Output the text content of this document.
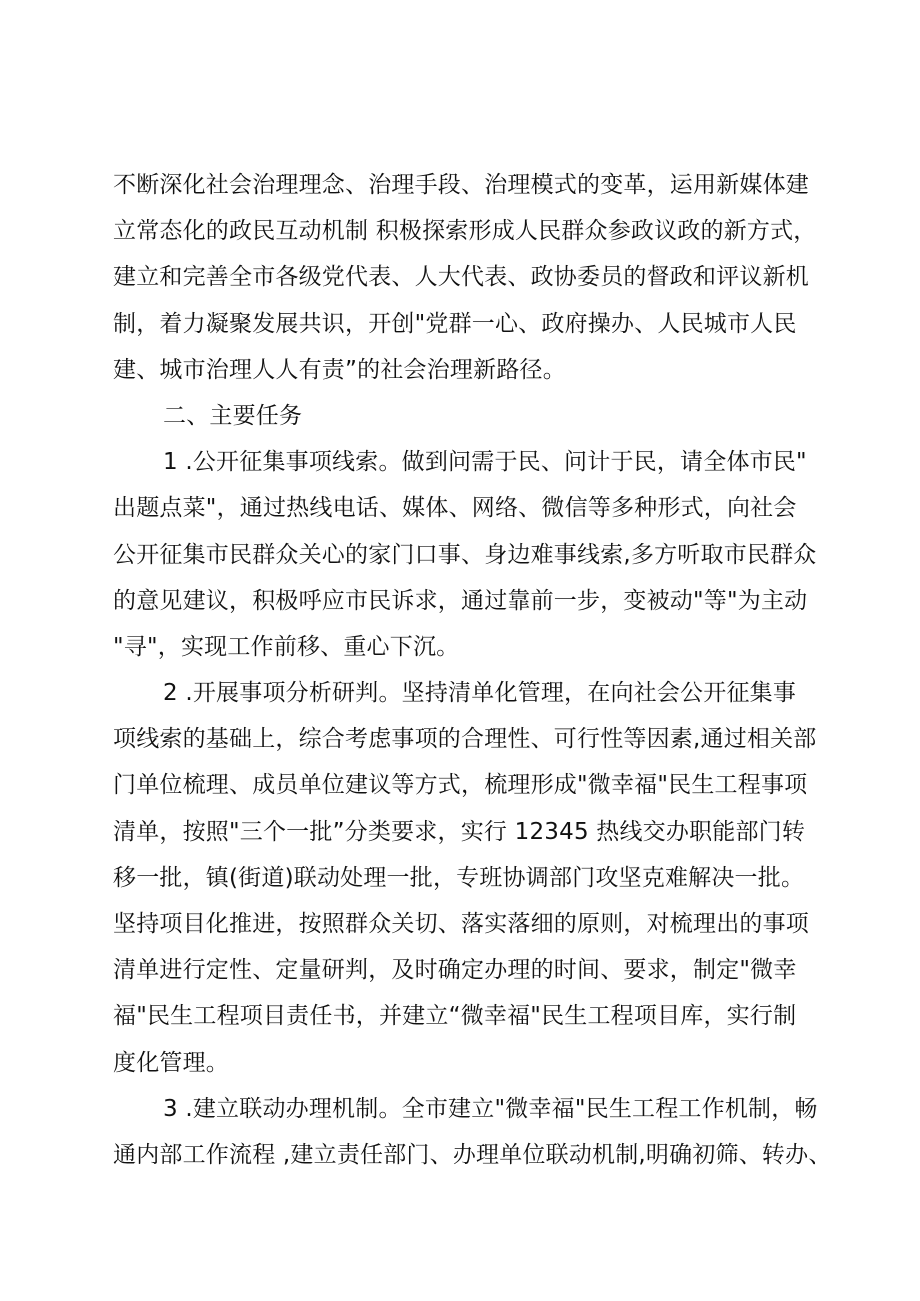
不断深化社会治理理念、治理手段、治理模式的变革，运用新媒体建
立常态化的政民互动机制 积极探索形成人民群众参政议政的新方式，
建立和完善全市各级党代表、人大代表、政协委员的督政和评议新机
制，着力凝聚发展共识，开创"党群一心、政府操办、人民城市人民
建、城市治理人人有责”的社会治理新路径。
二、主要任务
1 .公开征集事项线索。做到问需于民、问计于民，请全体市民"
出题点菜"，通过热线电话、媒体、网络、微信等多种形式，向社会
公开征集市民群众关心的家门口事、身边难事线索,多方听取市民群众
的意见建议，积极呼应市民诉求，通过靠前一步，变被动"等"为主动
"寻"，实现工作前移、重心下沉。
2 .开展事项分析研判。坚持清单化管理，在向社会公开征集事
项线索的基础上，综合考虑事项的合理性、可行性等因素,通过相关部
门单位梳理、成员单位建议等方式，梳理形成"微幸福"民生工程事项
清单，按照"三个一批”分类要求，实行 12345 热线交办职能部门转
移一批，镇(街道)联动处理一批，专班协调部门攻坚克难解决一批。
坚持项目化推进，按照群众关切、落实落细的原则，对梳理出的事项
清单进行定性、定量研判，及时确定办理的时间、要求，制定"微幸
福"民生工程项目责任书，并建立“微幸福"民生工程项目库，实行制
度化管理。
3 .建立联动办理机制。全市建立"微幸福"民生工程工作机制，畅
通内部工作流程 ,建立责任部门、办理单位联动机制,明确初筛、转办、
